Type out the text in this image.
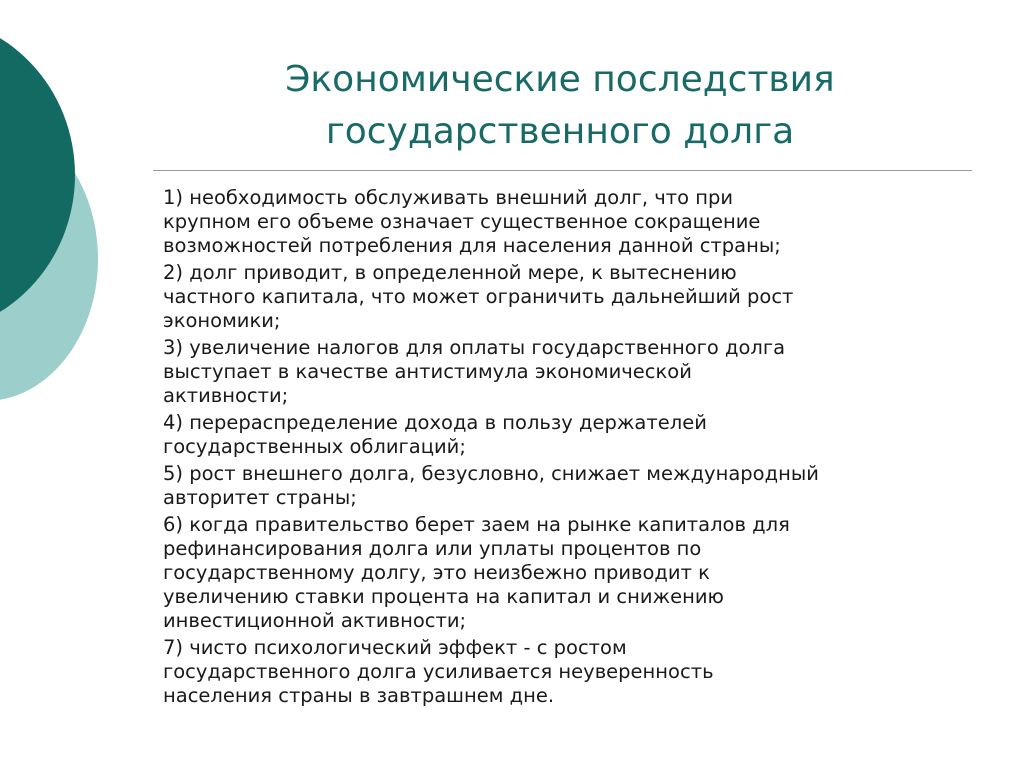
Экономические последствия
государственного долга
1) необходимость обслуживать внешний долг, что при
крупном его объеме означает существенное сокращение
возможностей потребления для населения данной страны;
2) долг приводит, в определенной мере, к вытеснению
частного капитала, что может ограничить дальнейший рост
экономики;
3) увеличение налогов для оплаты государственного долга
выступает в качестве антистимула экономической
активности;
4) перераспределение дохода в пользу держателей
государственных облигаций;
5) рост внешнего долга, безусловно, снижает международный
авторитет страны;
6) когда правительство берет заем на рынке капиталов для
рефинансирования долга или уплаты процентов по
государственному долгу, это неизбежно приводит к
увеличению ставки процента на капитал и снижению
инвестиционной активности;
7) чисто психологический эффект - с ростом
государственного долга усиливается неуверенность
населения страны в завтрашнем дне.
